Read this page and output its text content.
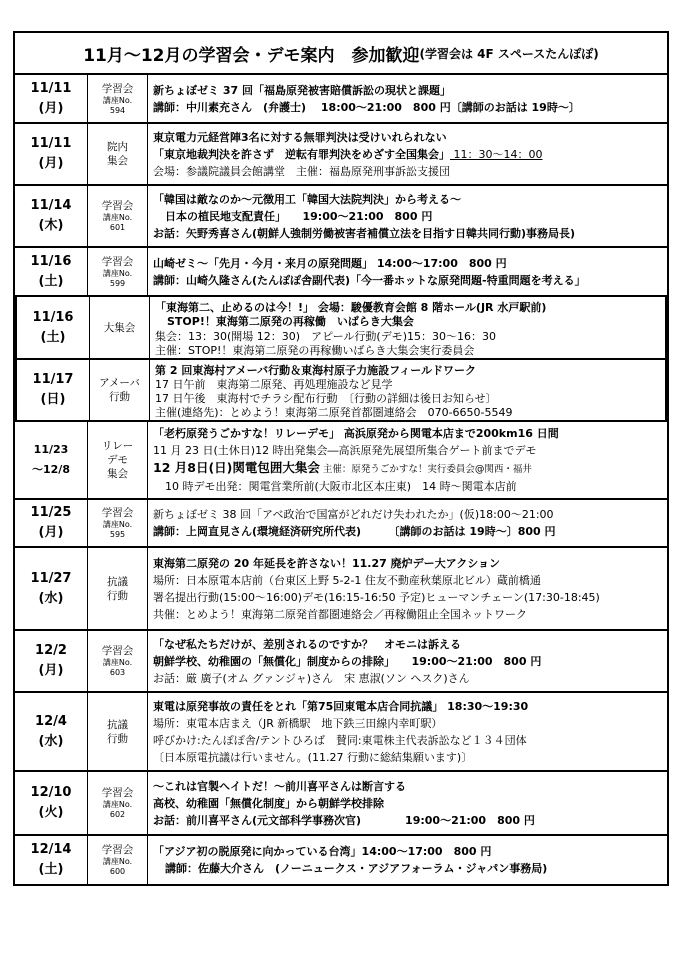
11月～12月の学習会・デモ案内　参加歓迎 (学習会は 4F スペースたんぽぽ)
11/11
(月)
学習会
講座No.
594
新ちょぼゼミ 37 回「福島原発被害賠償訴訟の現状と課題」
講師：中川素充さん　(弁護士)　 18:00～21:00　800 円〔講師のお話は 19時～〕
11/11
(月)
院内
集会
東京電力元経営陣3名に対する無罪判決は受けいれられない
「東京地裁判決を許さず　逆転有罪判決をめざす全国集会」 11：30～14：00
会場：参議院議員会館講堂　主催：福島原発刑事訴訟支援団
11/14
(木)
学習会
講座No.
601
「韓国は敵なのか～元徴用工「韓国大法院判決」から考える～
日本の植民地支配責任」　　19:00～21:00　800 円
お話：矢野秀喜さん(朝鮮人強制労働被害者補償立法を目指す日韓共同行動)事務局長)
11/16
(土)
学習会
講座No.
599
山崎ゼミ～「先月・今月・来月の原発問題」 14:00～17:00　800 円
講師：山崎久隆さん(たんぽぽ舎副代表)「今一番ホットな原発問題-特重問題を考える」
11/16
(土)
大集会
「東海第二、止めるのは今！!」 会場：駿優教育会館 8 階ホール(JR 水戸駅前)
STOP!！東海第二原発の再稼働　いばらき大集会
集会：13：30(開場 12：30)　アピール行動(デモ)15：30～16：30
主催：STOP!！東海第二原発の再稼働いばらき大集会実行委員会
11/17
(日)
アメーバ
行動
第 2 回東海村アメーバ行動＆東海村原子力施設フィールドワーク
17 日午前　東海第二原発、再処理施設など見学
17 日午後　東海村でチラシ配布行動　〔行動の詳細は後日お知らせ〕
主催(連絡先)：とめよう！東海第二原発首都圏連絡会　070-6650-5549
11/23
～12/8
リレー
デモ
集会
「老朽原発うごかすな！リレーデモ」 高浜原発から関電本店まで200km16 日間
11 月 23 日(土休日)12 時出発集会―高浜原発先展望所集合ゲート前までデモ
12 月8日(日)関電包囲大集会 主催：原発うごかすな！実行委員会@関西・福井
10 時デモ出発：関電営業所前(大阪市北区本庄東)　14 時～関電本店前
11/25
(月)
学習会
講座No.
595
新ちょぼゼミ 38 回「アベ政治で国富がどれだけ失われたか」(仮)18:00～21:00
講師：上岡直見さん(環境経済研究所代表)　　　〔講師のお話は 19時～〕800 円
11/27
(水)
抗議
行動
東海第二原発の 20 年延長を許さない！11.27 廃炉デー大アクション
場所：日本原電本店前（台東区上野 5-2-1 住友不動産秋葉原北ビル）蔵前橋通
署名提出行動(15:00～16:00)デモ(16:15-16:50 予定)ヒューマンチェーン(17:30-18:45)
共催：とめよう！東海第二原発首都圏連絡会／再稼働阻止全国ネットワーク
12/2
(月)
学習会
講座No.
603
「なぜ私たちだけが、差別されるのですか？　オモニは訴える
朝鮮学校、幼稚園の「無償化」制度からの排除」　　19:00～21:00　800 円
お話：厳 廣子(オム グァンジャ)さん　宋 恵淑(ソン ヘスク)さん
12/4
(水)
抗議
行動
東電は原発事故の責任をとれ「第75回東電本店合同抗議」 18:30～19:30
場所：東電本店まえ（JR 新橋駅　地下鉄三田線内幸町駅）
呼びかけ:たんぽぽ舎/テントひろば　賛同:東電株主代表訴訟など１３４団体
〔日本原電抗議は行いません。(11.27 行動に総結集願います)〕
12/10
(火)
学習会
講座No.
602
～これは官製ヘイトだ！～前川喜平さんは断言する
高校、幼稚園「無償化制度」から朝鮮学校排除
お話：前川喜平さん(元文部科学事務次官)　　　　19:00～21:00　800 円
12/14
(土)
学習会
講座No.
600
「アジア初の脱原発に向かっている台湾」14:00～17:00　800 円
講師：佐藤大介さん　(ノーニュークス・アジアフォーラム・ジャパン事務局)
